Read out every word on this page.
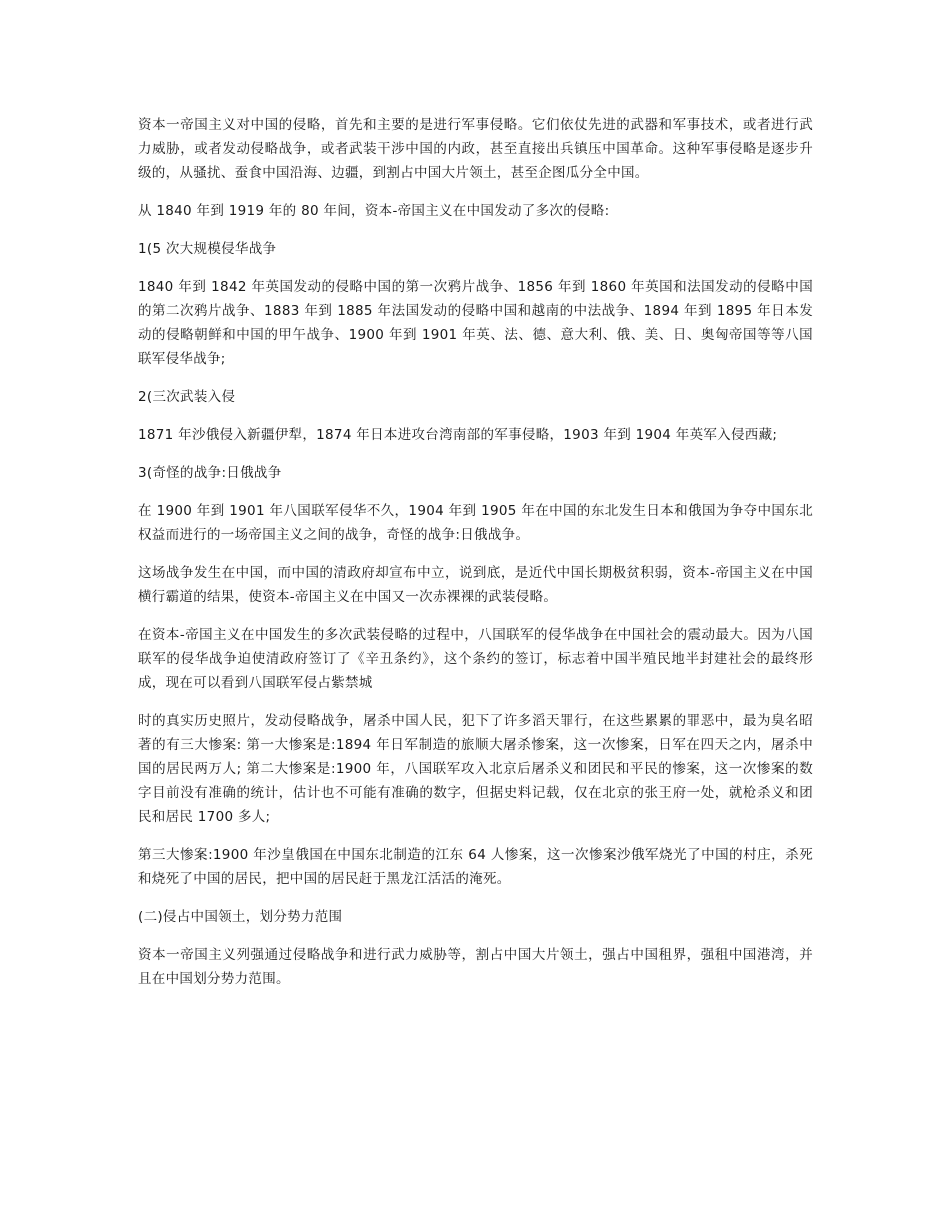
资本一帝国主义对中国的侵略，首先和主要的是进行军事侵略。它们依仗先进的武器和军事技术，或者进行武力威胁，或者发动侵略战争，或者武装干涉中国的内政，甚至直接出兵镇压中国革命。这种军事侵略是逐步升级的，从骚扰、蚕食中国沿海、边疆，到割占中国大片领土，甚至企图瓜分全中国。

从 1840 年到 1919 年的 80 年间，资本-帝国主义在中国发动了多次的侵略:

1(5 次大规模侵华战争

1840 年到 1842 年英国发动的侵略中国的第一次鸦片战争、1856 年到 1860 年英国和法国发动的侵略中国的第二次鸦片战争、1883 年到 1885 年法国发动的侵略中国和越南的中法战争、1894 年到 1895 年日本发动的侵略朝鲜和中国的甲午战争、1900 年到 1901 年英、法、德、意大利、俄、美、日、奥匈帝国等等八国联军侵华战争;

2(三次武装入侵

1871 年沙俄侵入新疆伊犁，1874 年日本进攻台湾南部的军事侵略，1903 年到 1904 年英军入侵西藏;

3(奇怪的战争:日俄战争

在 1900 年到 1901 年八国联军侵华不久，1904 年到 1905 年在中国的东北发生日本和俄国为争夺中国东北权益而进行的一场帝国主义之间的战争，奇怪的战争:日俄战争。

这场战争发生在中国，而中国的清政府却宣布中立，说到底，是近代中国长期极贫积弱，资本-帝国主义在中国横行霸道的结果，使资本-帝国主义在中国又一次赤裸裸的武装侵略。

在资本-帝国主义在中国发生的多次武装侵略的过程中，八国联军的侵华战争在中国社会的震动最大。因为八国联军的侵华战争迫使清政府签订了《辛丑条约》，这个条约的签订，标志着中国半殖民地半封建社会的最终形成，现在可以看到八国联军侵占紫禁城

时的真实历史照片，发动侵略战争，屠杀中国人民，犯下了许多滔天罪行，在这些累累的罪恶中，最为臭名昭著的有三大惨案: 第一大惨案是:1894 年日军制造的旅顺大屠杀惨案，这一次惨案，日军在四天之内，屠杀中国的居民两万人; 第二大惨案是:1900 年，八国联军攻入北京后屠杀义和团民和平民的惨案，这一次惨案的数字目前没有准确的统计，估计也不可能有准确的数字，但据史料记载，仅在北京的张王府一处，就枪杀义和团民和居民 1700 多人;

第三大惨案:1900 年沙皇俄国在中国东北制造的江东 64 人惨案，这一次惨案沙俄军烧光了中国的村庄，杀死和烧死了中国的居民，把中国的居民赶于黑龙江活活的淹死。

(二)侵占中国领土，划分势力范围

资本一帝国主义列强通过侵略战争和进行武力威胁等，割占中国大片领土，强占中国租界，强租中国港湾，并且在中国划分势力范围。
